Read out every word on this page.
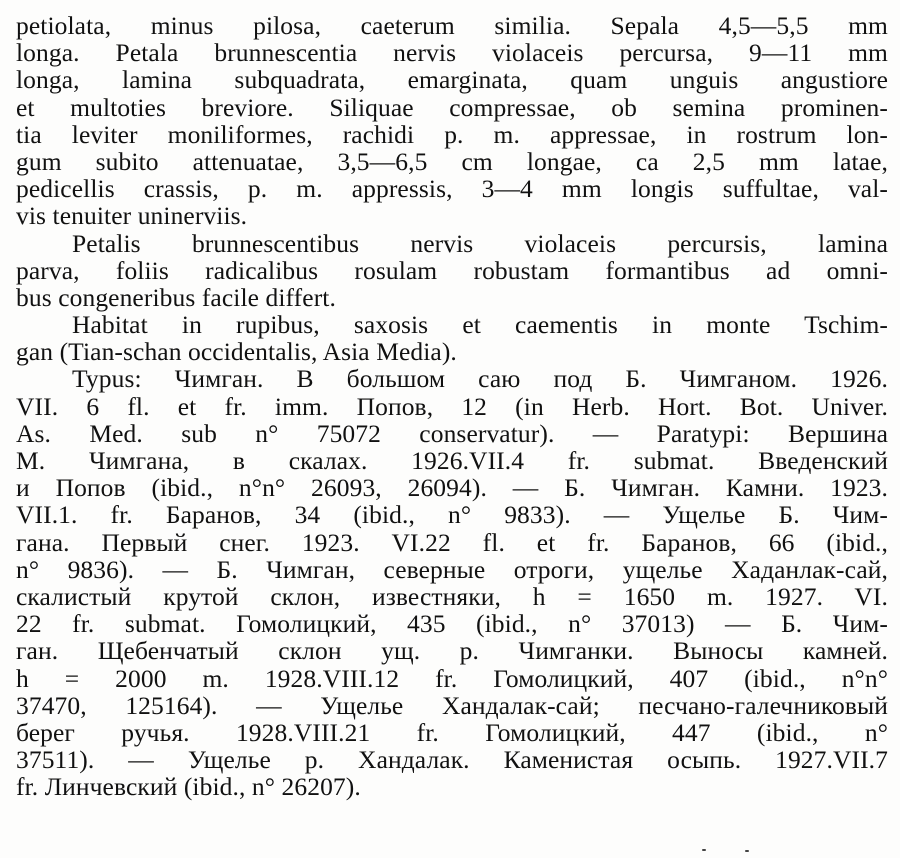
petiolata, minus pilosa, caeterum similia. Sepala 4,5—5,5 mm
longa. Petala brunnescentia nervis violaceis percursa, 9—11 mm
longa, lamina subquadrata, emarginata, quam unguis angustiore
et multoties breviore. Siliquae compressae, ob semina prominen-
tia leviter moniliformes, rachidi p. m. appressae, in rostrum lon-
gum subito attenuatae, 3,5—6,5 cm longae, ca 2,5 mm latae,
pedicellis crassis, p. m. appressis, 3—4 mm longis suffultae, val-
vis tenuiter uninerviis.
Petalis brunnescentibus nervis violaceis percursis, lamina
parva, foliis radicalibus rosulam robustam formantibus ad omni-
bus congeneribus facile differt.
Habitat in rupibus, saxosis et caementis in monte Tschim-
gan (Tian-schan occidentalis, Asia Media).
Typus: Чимган. В большом саю под Б. Чимганом. 1926.
VII. 6 fl. et fr. imm. Попов, 12 (in Herb. Hort. Bot. Univer.
As. Med. sub n° 75072 conservatur). — Paratypi: Вершина
М. Чимгана, в скалах. 1926.VII.4 fr. submat. Введенский
и Попов (ibid., n°n° 26093, 26094). — Б. Чимган. Камни. 1923.
VII.1. fr. Баранов, 34 (ibid., n° 9833). — Ущелье Б. Чим-
гана. Первый снег. 1923. VI.22 fl. et fr. Баранов, 66 (ibid.,
n° 9836). — Б. Чимган, северные отроги, ущелье Хаданлак-сай,
скалистый крутой склон, известняки, h = 1650 m. 1927. VI.
22 fr. submat. Гомолицкий, 435 (ibid., n° 37013) — Б. Чим-
ган. Щебенчатый склон ущ. р. Чимганки. Выносы камней.
h = 2000 m. 1928.VIII.12 fr. Гомолицкий, 407 (ibid., n°n°
37470, 125164). — Ущелье Хандалак-сай; песчано-галечниковый
берег ручья. 1928.VIII.21 fr. Гомолицкий, 447 (ibid., n°
37511). — Ущелье р. Хандалак. Каменистая осыпь. 1927.VII.7
fr. Линчевский (ibid., n° 26207).
